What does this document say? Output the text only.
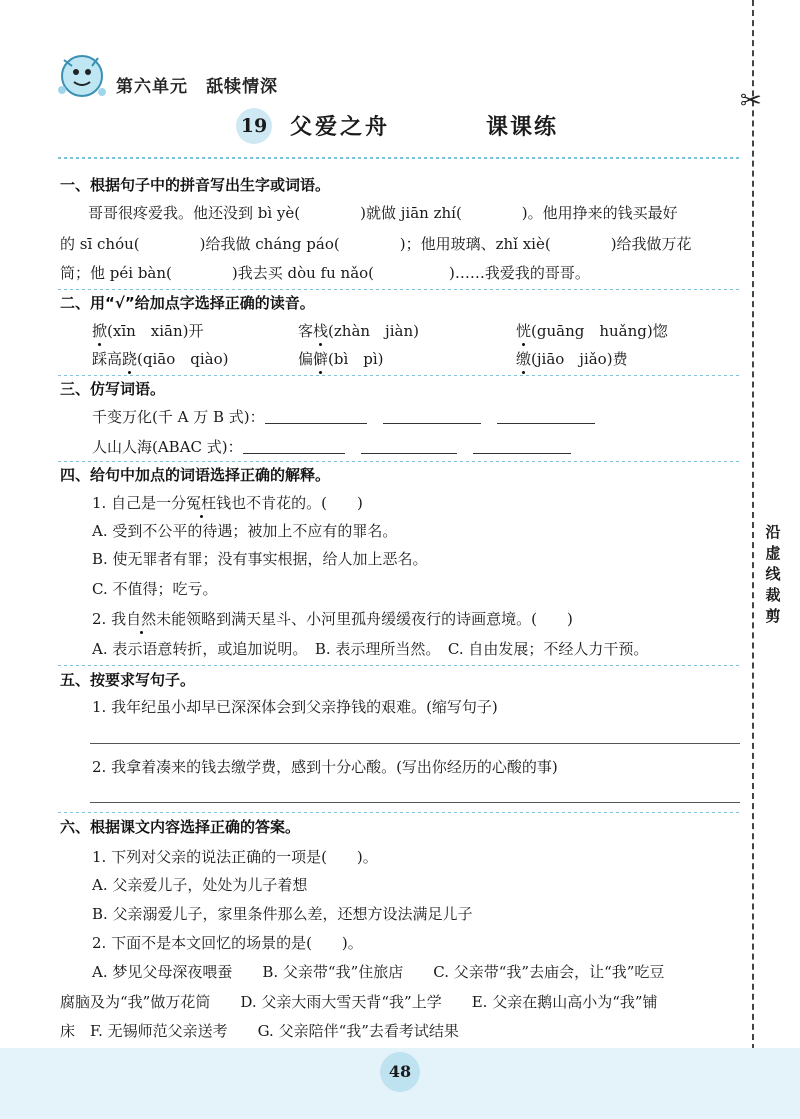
第六单元　舐犊情深
19 父爱之舟	课课练
✂
沿
虚
线
裁
剪
一、根据句子中的拼音写出生字或词语。
哥哥很疼爱我。他还没到 bì yè(　　　　)就做 jiān zhí(　　　　)。他用挣来的钱买最好
的 sī chóu(　　　　)给我做 cháng páo(　　　　)；他用玻璃、zhǐ xiè(　　　　)给我做万花
筒；他 péi bàn(　　　　)我去买 dòu fu nǎo(　　　　　)……我爱我的哥哥。
二、用“√”给加点字选择正确的读音。
掀(xīn　xiān)开	客栈(zhàn　jiàn)	恍(guāng　huǎng)惚
踩高跷(qiāo　qiào)	偏僻(bì　pì)	缴(jiāo　jiǎo)费
三、仿写词语。
千变万化(千 A 万 B 式)：
人山人海(ABAC 式)：
四、给句中加点的词语选择正确的解释。
1. 自己是一分冤枉钱也不肯花的。(　　)
A. 受到不公平的待遇；被加上不应有的罪名。
B. 使无罪者有罪；没有事实根据，给人加上恶名。
C. 不值得；吃亏。
2. 我自然未能领略到满天星斗、小河里孤舟缓缓夜行的诗画意境。(　　)
A. 表示语意转折，或追加说明。　B. 表示理所当然。　C. 自由发展；不经人力干预。
五、按要求写句子。
1. 我年纪虽小却早已深深体会到父亲挣钱的艰难。(缩写句子)
2. 我拿着凑来的钱去缴学费，感到十分心酸。(写出你经历的心酸的事)
六、根据课文内容选择正确的答案。
1. 下列对父亲的说法正确的一项是(　　)。
A. 父亲爱儿子，处处为儿子着想
B. 父亲溺爱儿子，家里条件那么差，还想方设法满足儿子
2. 下面不是本文回忆的场景的是(　　)。
A. 梦见父母深夜喂蚕　　B. 父亲带“我”住旅店　　C. 父亲带“我”去庙会，让“我”吃豆
腐脑及为“我”做万花筒　　D. 父亲大雨大雪天背“我”上学　　E. 父亲在鹅山高小为“我”铺
床　F. 无锡师范父亲送考　　G. 父亲陪伴“我”去看考试结果
48
